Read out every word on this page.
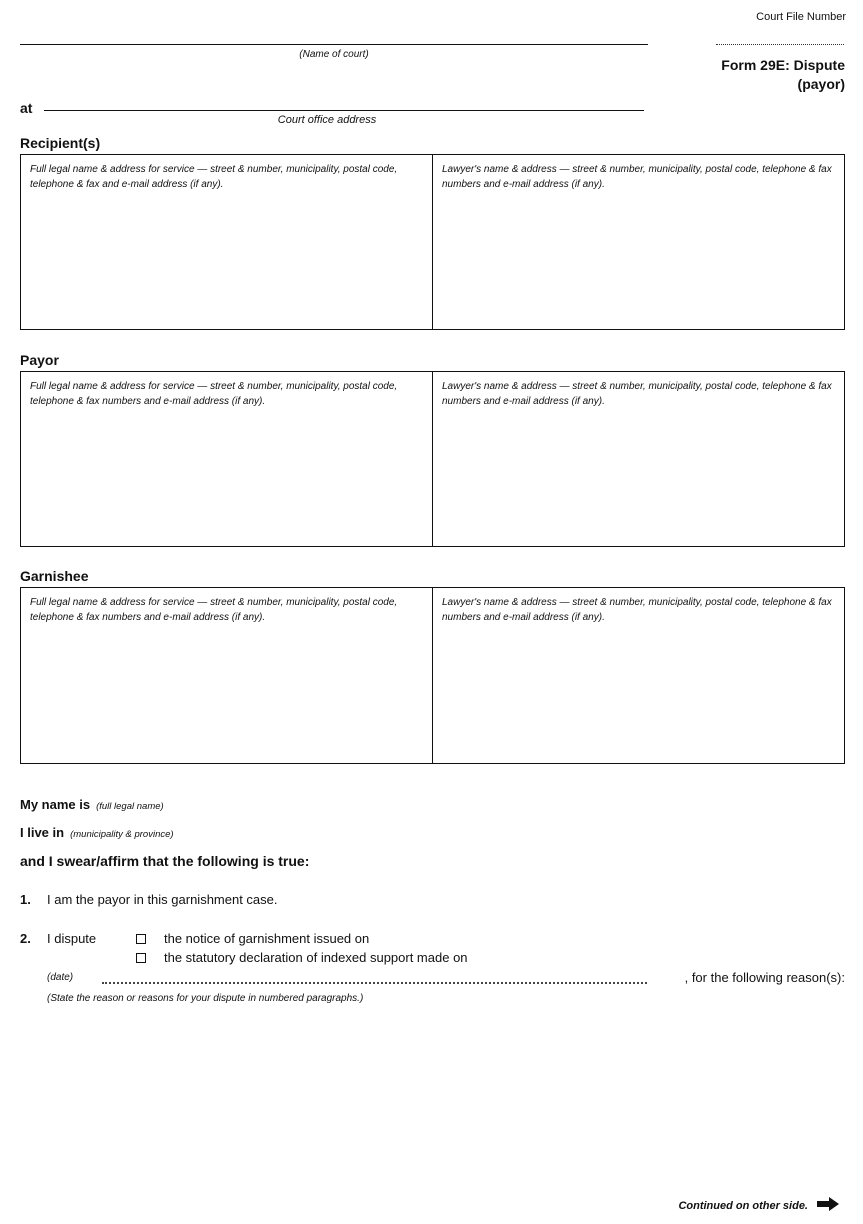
Court File Number
(Name of court)
Form 29E: Dispute
(payor)
at
Court office address
Recipient(s)
Full legal name & address for service — street & number, municipality, postal code, telephone & fax and e-mail address (if any).
Lawyer's name & address — street & number, municipality, postal code, telephone & fax numbers and e-mail address (if any).
Payor
Full legal name & address for service — street & number, municipality, postal code, telephone & fax numbers and e-mail address (if any).
Lawyer's name & address — street & number, municipality, postal code, telephone & fax numbers and e-mail address (if any).
Garnishee
Full legal name & address for service — street & number, municipality, postal code, telephone & fax numbers and e-mail address (if any).
Lawyer's name & address — street & number, municipality, postal code, telephone & fax numbers and e-mail address (if any).
My name is (full legal name)
I live in (municipality & province)
and I swear/affirm that the following is true:
1. I am the payor in this garnishment case.
2. I dispute	the notice of garnishment issued on
the statutory declaration of indexed support made on
(date)	, for the following reason(s):
(State the reason or reasons for your dispute in numbered paragraphs.)
Continued on other side.
